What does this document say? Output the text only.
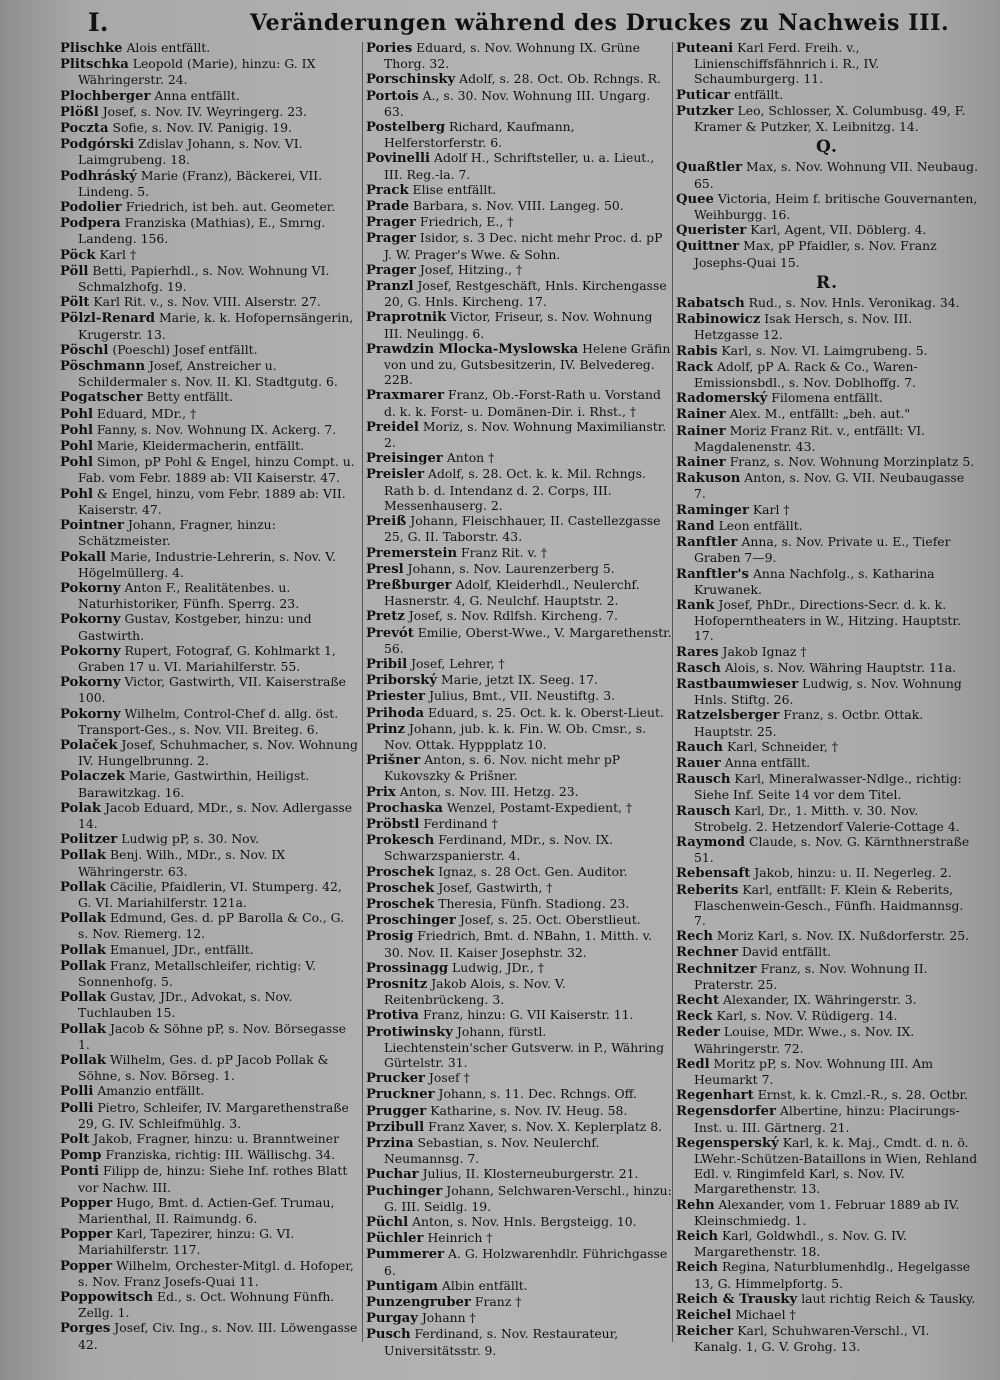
I.	Veränderungen während des Druckes zu Nachweis III.

Plischke Alois entfällt.

Plitschka Leopold (Marie), hinzu: G. IX Währingerstr. 24.

Plochberger Anna entfällt.

Plößl Josef, s. Nov. IV. Weyringerg. 23.

Poczta Sofie, s. Nov. IV. Panigig. 19.

Podgórski Zdislav Johann, s. Nov. VI. Laimgrubeng. 18.

Podhráský Marie (Franz), Bäckerei, VII. Lindeng. 5.

Podolier Friedrich, ist beh. aut. Geometer.

Podpera Franziska (Mathias), E., Smrng. Landeng. 156.

Pöck Karl †

Pöll Betti, Papierhdl., s. Nov. Wohnung VI. Schmalzhofg. 19.

Pölt Karl Rit. v., s. Nov. VIII. Alserstr. 27.

Pölzl-Renard Marie, k. k. Hofopernsängerin, Krugerstr. 13.

Pöschl (Poeschl) Josef entfällt.

Pöschmann Josef, Anstreicher u. Schildermaler s. Nov. II. Kl. Stadtgutg. 6.

Pogatscher Betty entfällt.

Pohl Eduard, MDr., †

Pohl Fanny, s. Nov. Wohnung IX. Ackerg. 7.

Pohl Marie, Kleidermacherin, entfällt.

Pohl Simon, pP Pohl & Engel, hinzu Compt. u. Fab. vom Febr. 1889 ab: VII Kaiserstr. 47.

Pohl & Engel, hinzu, vom Febr. 1889 ab: VII. Kaiserstr. 47.

Pointner Johann, Fragner, hinzu: Schätzmeister.

Pokall Marie, Industrie-Lehrerin, s. Nov. V. Högelmüllerg. 4.

Pokorny Anton F., Realitätenbes. u. Naturhistoriker, Fünfh. Sperrg. 23.

Pokorny Gustav, Kostgeber, hinzu: und Gastwirth.

Pokorny Rupert, Fotograf, G. Kohlmarkt 1, Graben 17 u. VI. Mariahilferstr. 55.

Pokorny Victor, Gastwirth, VII. Kaiserstraße 100.

Pokorny Wilhelm, Control-Chef d. allg. öst. Transport-Ges., s. Nov. VII. Breiteg. 6.

Polaček Josef, Schuhmacher, s. Nov. Wohnung IV. Hungelbrunng. 2.

Polaczek Marie, Gastwirthin, Heiligst. Barawitzkag. 16.

Polak Jacob Eduard, MDr., s. Nov. Adlergasse 14.

Politzer Ludwig pP, s. 30. Nov.

Pollak Benj. Wilh., MDr., s. Nov. IX Währingerstr. 63.

Pollak Cäcilie, Pfaidlerin, VI. Stumperg. 42, G. VI. Mariahilferstr. 121a.

Pollak Edmund, Ges. d. pP Barolla & Co., G. s. Nov. Riemerg. 12.

Pollak Emanuel, JDr., entfällt.

Pollak Franz, Metallschleifer, richtig: V. Sonnenhofg. 5.

Pollak Gustav, JDr., Advokat, s. Nov. Tuchlauben 15.

Pollak Jacob & Söhne pP, s. Nov. Börsegasse 1.

Pollak Wilhelm, Ges. d. pP Jacob Pollak & Söhne, s. Nov. Börseg. 1.

Polli Amanzio entfällt.

Polli Pietro, Schleifer, IV. Margarethenstraße 29, G. IV. Schleifmühlg. 3.

Polt Jakob, Fragner, hinzu: u. Branntweiner

Pomp Franziska, richtig: III. Wällischg. 34.

Ponti Filipp de, hinzu: Siehe Inf. rothes Blatt vor Nachw. III.

Popper Hugo, Bmt. d. Actien-Gef. Trumau, Marienthal, II. Raimundg. 6.

Popper Karl, Tapezirer, hinzu: G. VI. Mariahilferstr. 117.

Popper Wilhelm, Orchester-Mitgl. d. Hofoper, s. Nov. Franz Josefs-Quai 11.

Poppowitsch Ed., s. Oct. Wohnung Fünfh. Zellg. 1.

Porges Josef, Civ. Ing., s. Nov. III. Löwengasse 42.

Pories Eduard, s. Nov. Wohnung IX. Grüne Thorg. 32.

Porschinsky Adolf, s. 28. Oct. Ob. Rchngs. R.

Portois A., s. 30. Nov. Wohnung III. Ungarg. 63.

Postelberg Richard, Kaufmann, Helferstorferstr. 6.

Povinelli Adolf H., Schriftsteller, u. a. Lieut., III. Reg.-la. 7.

Prack Elise entfällt.

Prade Barbara, s. Nov. VIII. Langeg. 50.

Prager Friedrich, E., †

Prager Isidor, s. 3 Dec. nicht mehr Proc. d. pP J. W. Prager's Wwe. & Sohn.

Prager Josef, Hitzing., †

Pranzl Josef, Restgeschäft, Hnls. Kirchengasse 20, G. Hnls. Kircheng. 17.

Praprotnik Victor, Friseur, s. Nov. Wohnung III. Neulingg. 6.

Prawdzin Mlocka-Myslowska Helene Gräfin von und zu, Gutsbesitzerin, IV. Belvedereg. 22B.

Praxmarer Franz, Ob.-Forst-Rath u. Vorstand d. k. k. Forst- u. Domänen-Dir. i. Rhst., †

Preidel Moriz, s. Nov. Wohnung Maximilianstr. 2.

Preisinger Anton †

Preisler Adolf, s. 28. Oct. k. k. Mil. Rchngs. Rath b. d. Intendanz d. 2. Corps, III. Messenhauserg. 2.

Preiß Johann, Fleischhauer, II. Castellezgasse 25, G. II. Taborstr. 43.

Premerstein Franz Rit. v. †

Presl Johann, s. Nov. Laurenzerberg 5.

Preßburger Adolf, Kleiderhdl., Neulerchf. Hasnerstr. 4, G. Neulchf. Hauptstr. 2.

Pretz Josef, s. Nov. Rdlfsh. Kircheng. 7.

Prevót Emilie, Oberst-Wwe., V. Margarethenstr. 56.

Pribil Josef, Lehrer, †

Priborský Marie, jetzt IX. Seeg. 17.

Priester Julius, Bmt., VII. Neustiftg. 3.

Prihoda Eduard, s. 25. Oct. k. k. Oberst-Lieut.

Prinz Johann, jub. k. k. Fin. W. Ob. Cmsr., s. Nov. Ottak. Hyppplatz 10.

Prišner Anton, s. 6. Nov. nicht mehr pP Kukovszky & Prišner.

Prix Anton, s. Nov. III. Hetzg. 23.

Prochaska Wenzel, Postamt-Expedient, †

Pröbstl Ferdinand †

Prokesch Ferdinand, MDr., s. Nov. IX. Schwarzspanierstr. 4.

Proschek Ignaz, s. 28 Oct. Gen. Auditor.

Proschek Josef, Gastwirth, †

Proschek Theresia, Fünfh. Stadiong. 23.

Proschinger Josef, s. 25. Oct. Oberstlieut.

Prosig Friedrich, Bmt. d. NBahn, 1. Mitth. v. 30. Nov. II. Kaiser Josephstr. 32.

Prossinagg Ludwig, JDr., †

Prosnitz Jakob Alois, s. Nov. V. Reitenbrückeng. 3.

Protiva Franz, hinzu: G. VII Kaiserstr. 11.

Protiwinsky Johann, fürstl. Liechtenstein'scher Gutsverw. in P., Währing Gürtelstr. 31.

Prucker Josef †

Pruckner Johann, s. 11. Dec. Rchngs. Off.

Prugger Katharine, s. Nov. IV. Heug. 58.

Przibull Franz Xaver, s. Nov. X. Keplerplatz 8.

Przina Sebastian, s. Nov. Neulerchf. Neumannsg. 7.

Puchar Julius, II. Klosterneuburgerstr. 21.

Puchinger Johann, Selchwaren-Verschl., hinzu: G. III. Seidlg. 19.

Püchl Anton, s. Nov. Hnls. Bergsteigg. 10.

Püchler Heinrich †

Pummerer A. G. Holzwarenhdlr. Führichgasse 6.

Puntigam Albin entfällt.

Punzengruber Franz †

Purgay Johann †

Pusch Ferdinand, s. Nov. Restaurateur, Universitätsstr. 9.

Puteani Karl Ferd. Freih. v., Linienschiffsfähnrich i. R., IV. Schaumburgerg. 11.

Puticar entfällt.

Putzker Leo, Schlosser, X. Columbusg. 49, F. Kramer & Putzker, X. Leibnitzg. 14.

Q.

Quaßtler Max, s. Nov. Wohnung VII. Neubaug. 65.

Quee Victoria, Heim f. britische Gouvernanten, Weihburgg. 16.

Querister Karl, Agent, VII. Döblerg. 4.

Quittner Max, pP Pfaidler, s. Nov. Franz Josephs-Quai 15.

R.

Rabatsch Rud., s. Nov. Hnls. Veronikag. 34.

Rabinowicz Isak Hersch, s. Nov. III. Hetzgasse 12.

Rabis Karl, s. Nov. VI. Laimgrubeng. 5.

Rack Adolf, pP A. Rack & Co., Waren-Emissionsbdl., s. Nov. Doblhoffg. 7.

Radomerský Filomena entfällt.

Rainer Alex. M., entfällt: „beh. aut."

Rainer Moriz Franz Rit. v., entfällt: VI. Magdalenenstr. 43.

Rainer Franz, s. Nov. Wohnung Morzinplatz 5.

Rakuson Anton, s. Nov. G. VII. Neubaugasse 7.

Raminger Karl †

Rand Leon entfällt.

Ranftler Anna, s. Nov. Private u. E., Tiefer Graben 7—9.

Ranftler's Anna Nachfolg., s. Katharina Kruwanek.

Rank Josef, PhDr., Directions-Secr. d. k. k. Hofoperntheaters in W., Hitzing. Hauptstr. 17.

Rares Jakob Ignaz †

Rasch Alois, s. Nov. Währing Hauptstr. 11a.

Rastbaumwieser Ludwig, s. Nov. Wohnung Hnls. Stiftg. 26.

Ratzelsberger Franz, s. Octbr. Ottak. Hauptstr. 25.

Rauch Karl, Schneider, †

Rauer Anna entfällt.

Rausch Karl, Mineralwasser-Ndlge., richtig: Siehe Inf. Seite 14 vor dem Titel.

Rausch Karl, Dr., 1. Mitth. v. 30. Nov. Strobelg. 2. Hetzendorf Valerie-Cottage 4.

Raymond Claude, s. Nov. G. Kärnthnerstraße 51.

Rebensaft Jakob, hinzu: u. II. Negerleg. 2.

Reberits Karl, entfällt: F. Klein & Reberits, Flaschenwein-Gesch., Fünfh. Haidmannsg. 7.

Rech Moriz Karl, s. Nov. IX. Nußdorferstr. 25.

Rechner David entfällt.

Rechnitzer Franz, s. Nov. Wohnung II. Praterstr. 25.

Recht Alexander, IX. Währingerstr. 3.

Reck Karl, s. Nov. V. Rüdigerg. 14.

Reder Louise, MDr. Wwe., s. Nov. IX. Währingerstr. 72.

Redl Moritz pP, s. Nov. Wohnung III. Am Heumarkt 7.

Regenhart Ernst, k. k. Cmzl.-R., s. 28. Octbr.

Regensdorfer Albertine, hinzu: Placirungs-Inst. u. III. Gärtnerg. 21.

Regensperský Karl, k. k. Maj., Cmdt. d. n. ö. LWehr.-Schützen-Bataillons in Wien, Rehland Edl. v. Ringimfeld Karl, s. Nov. IV. Margarethenstr. 13.

Rehn Alexander, vom 1. Februar 1889 ab IV. Kleinschmiedg. 1.

Reich Karl, Goldwhdl., s. Nov. G. IV. Margarethenstr. 18.

Reich Regina, Naturblumenhdlg., Hegelgasse 13, G. Himmelpfortg. 5.

Reich & Trausky laut richtig Reich & Tausky.

Reichel Michael †

Reicher Karl, Schuhwaren-Verschl., VI. Kanalg. 1, G. V. Grohg. 13.
